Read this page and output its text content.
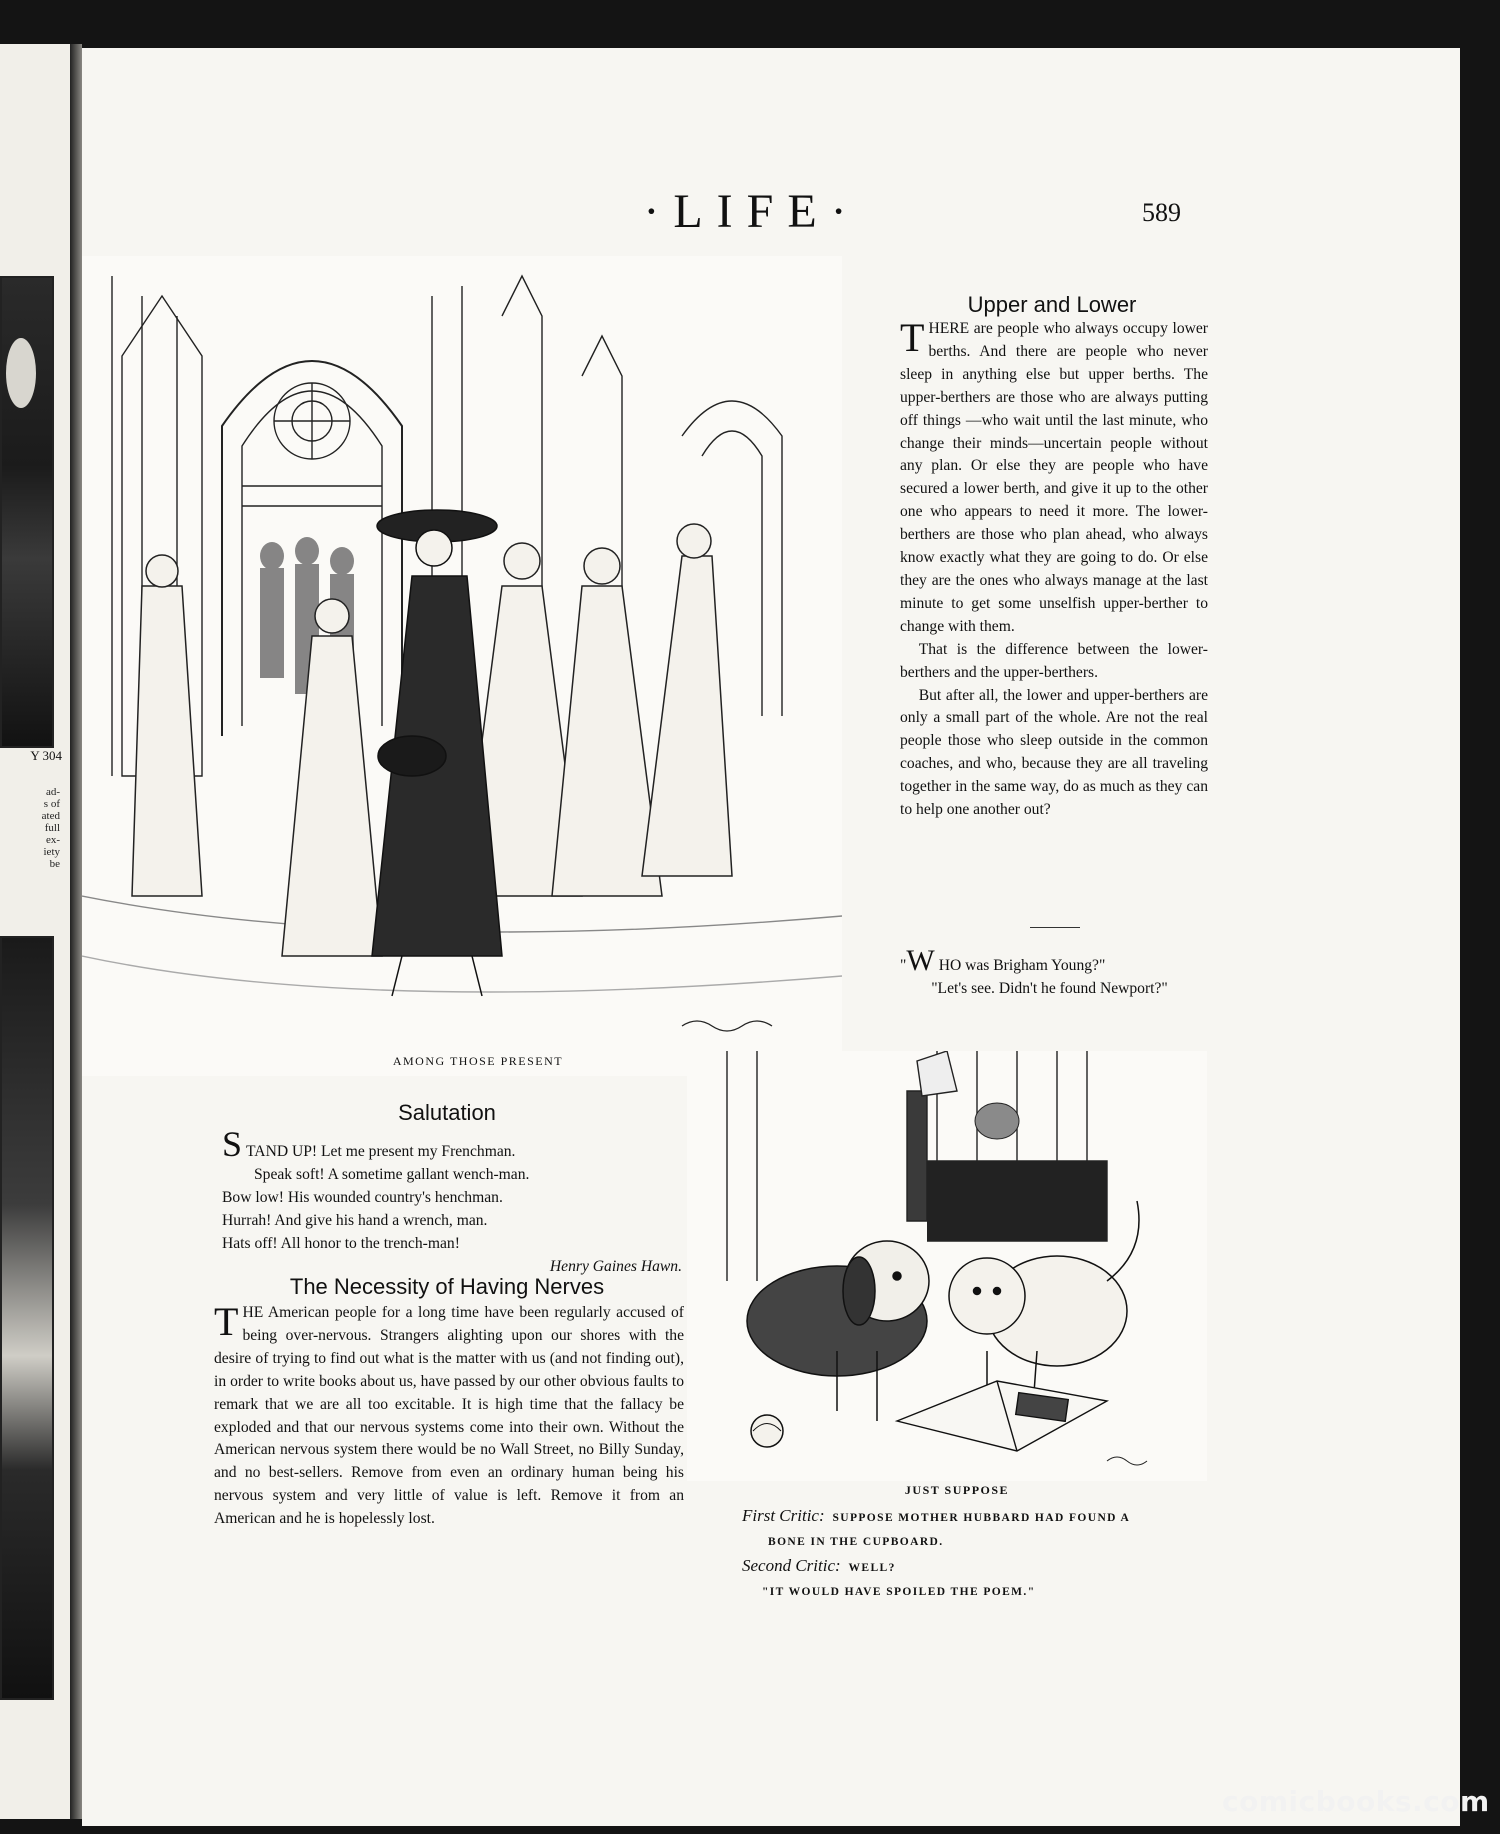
Y 304
ad-
s of
ated
full
ex-
iety
be
·LIFE·	589
AMONG THOSE PRESENT
Upper and Lower

THERE are people who always occupy lower berths. And there are people who never sleep in anything else but upper berths. The upper-berthers are those who are always putting off things —who wait until the last minute, who change their minds—uncertain people without any plan. Or else they are people who have secured a lower berth, and give it up to the other one who appears to need it more. The lower-berthers are those who plan ahead, who always know exactly what they are going to do. Or else they are the ones who always manage at the last minute to get some unselfish upper-berther to change with them.

That is the difference between the lower-berthers and the upper-berthers.

But after all, the lower and upper-berthers are only a small part of the whole. Are not the real people those who sleep outside in the common coaches, and who, because they are all traveling together in the same way, do as much as they can to help one another out?

"W HO was Brigham Young?"

"Let's see. Didn't he found Newport?"

Salutation
STAND UP! Let me present my Frenchman.
Speak soft! A sometime gallant wench-man.
Bow low! His wounded country's henchman.
Hurrah! And give his hand a wrench, man.
Hats off! All honor to the trench-man!
Henry Gaines Hawn.
The Necessity of Having Nerves

THE American people for a long time have been regularly accused of being over-nervous. Strangers alighting upon our shores with the desire of trying to find out what is the matter with us (and not finding out), in order to write books about us, have passed by our other obvious faults to remark that we are all too excitable. It is high time that the fallacy be exploded and that our nervous systems come into their own. Without the American nervous system there would be no Wall Street, no Billy Sunday, and no best-sellers. Remove from even an ordinary human being his nervous system and very little of value is left. Remove it from an American and he is hopelessly lost.

JUST SUPPOSE
First Critic: SUPPOSE MOTHER HUBBARD HAD FOUND A
BONE IN THE CUPBOARD.
Second Critic: WELL?
"IT WOULD HAVE SPOILED THE POEM."
comicbooks.com
